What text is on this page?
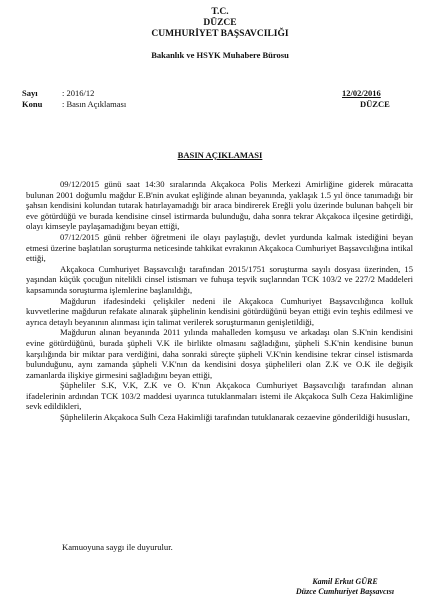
T.C.
DÜZCE
CUMHURİYET BAŞSAVCILIĞI
Bakanlık ve HSYK Muhabere Bürosu
Sayı	: 2016/12	12/02/2016
Konu : Basın Açıklaması	DÜZCE
BASIN AÇIKLAMASI

09/12/2015 günü saat 14:30 sıralarında Akçakoca Polis Merkezi Amirliğine giderek müracatta bulunan 2001 doğumlu mağdur E.B'nin avukat eşliğinde alınan beyanında, yaklaşık 1.5 yıl önce tanımadığı bir şahsın kendisini kolundan tutarak hatırlayamadığı bir araca bindirerek Ereğli yolu üzerinde bulunan bahçeli bir eve götürdüğü ve burada kendisine cinsel istirmarda bulunduğu, daha sonra tekrar Akçakoca ilçesine getirdiği, olayı kimseyle paylaşamadığını beyan ettiği,

07/12/2015 günü rehber öğretmeni ile olayı paylaştığı, devlet yurdunda kalmak istediğini beyan etmesi üzerine başlatılan soruşturma neticesinde tahkikat evrakının Akçakoca Cumhuriyet Başsavcılığına intikal ettiği,

Akçakoca Cumhuriyet Başsavcılığı tarafından 2015/1751 soruşturma sayılı dosyası üzerinden, 15 yaşından küçük çocuğun nitelikli cinsel istismarı ve fuhuşa teşvik suçlarından TCK 103/2 ve 227/2 Maddeleri kapsamında soruşturma işlemlerine başlanıldığı,

Mağdurun ifadesindeki çelişkiler nedeni ile Akçakoca Cumhuriyet Başsavcılığınca kolluk kuvvetlerine mağdurun refakate alınarak şüphelinin kendisini götürdüğünü beyan ettiği evin teşhis edilmesi ve ayrıca detaylı beyanının alınması için talimat verilerek soruşturmanın genişletildiği,

Mağdurun alınan beyanında 2011 yılında mahalleden komşusu ve arkadaşı olan S.K'nin kendisini evine götürdüğünü, burada şüpheli V.K ile birlikte olmasını sağladığını, şüpheli S.K'nin kendisine bunun karşılığında bir miktar para verdiğini, daha sonraki süreçte şüpheli V.K'nin kendisine tekrar cinsel istismarda bulunduğunu, aynı zamanda şüpheli V.K'nın da kendisini dosya şüphelileri olan Z.K ve O.K ile değişik zamanlarda ilişkiye girmesini sağladığını beyan ettiği,

Şüpheliler S.K, V.K, Z.K ve O. K'nın Akçakoca Cumhuriyet Başsavcılığı tarafından alınan ifadelerinin ardından TCK 103/2 maddesi uyarınca tutuklanmaları istemi ile Akçakoca Sulh Ceza Hakimliğine sevk edildikleri,

Şüphelilerin Akçakoca Sulh Ceza Hakimliği tarafından tutuklanarak cezaevine gönderildiği hususları,

Kamuoyuna saygı ile duyurulur.
Kamil Erkut GÜRE
Düzce Cumhuriyet Başsavcısı
